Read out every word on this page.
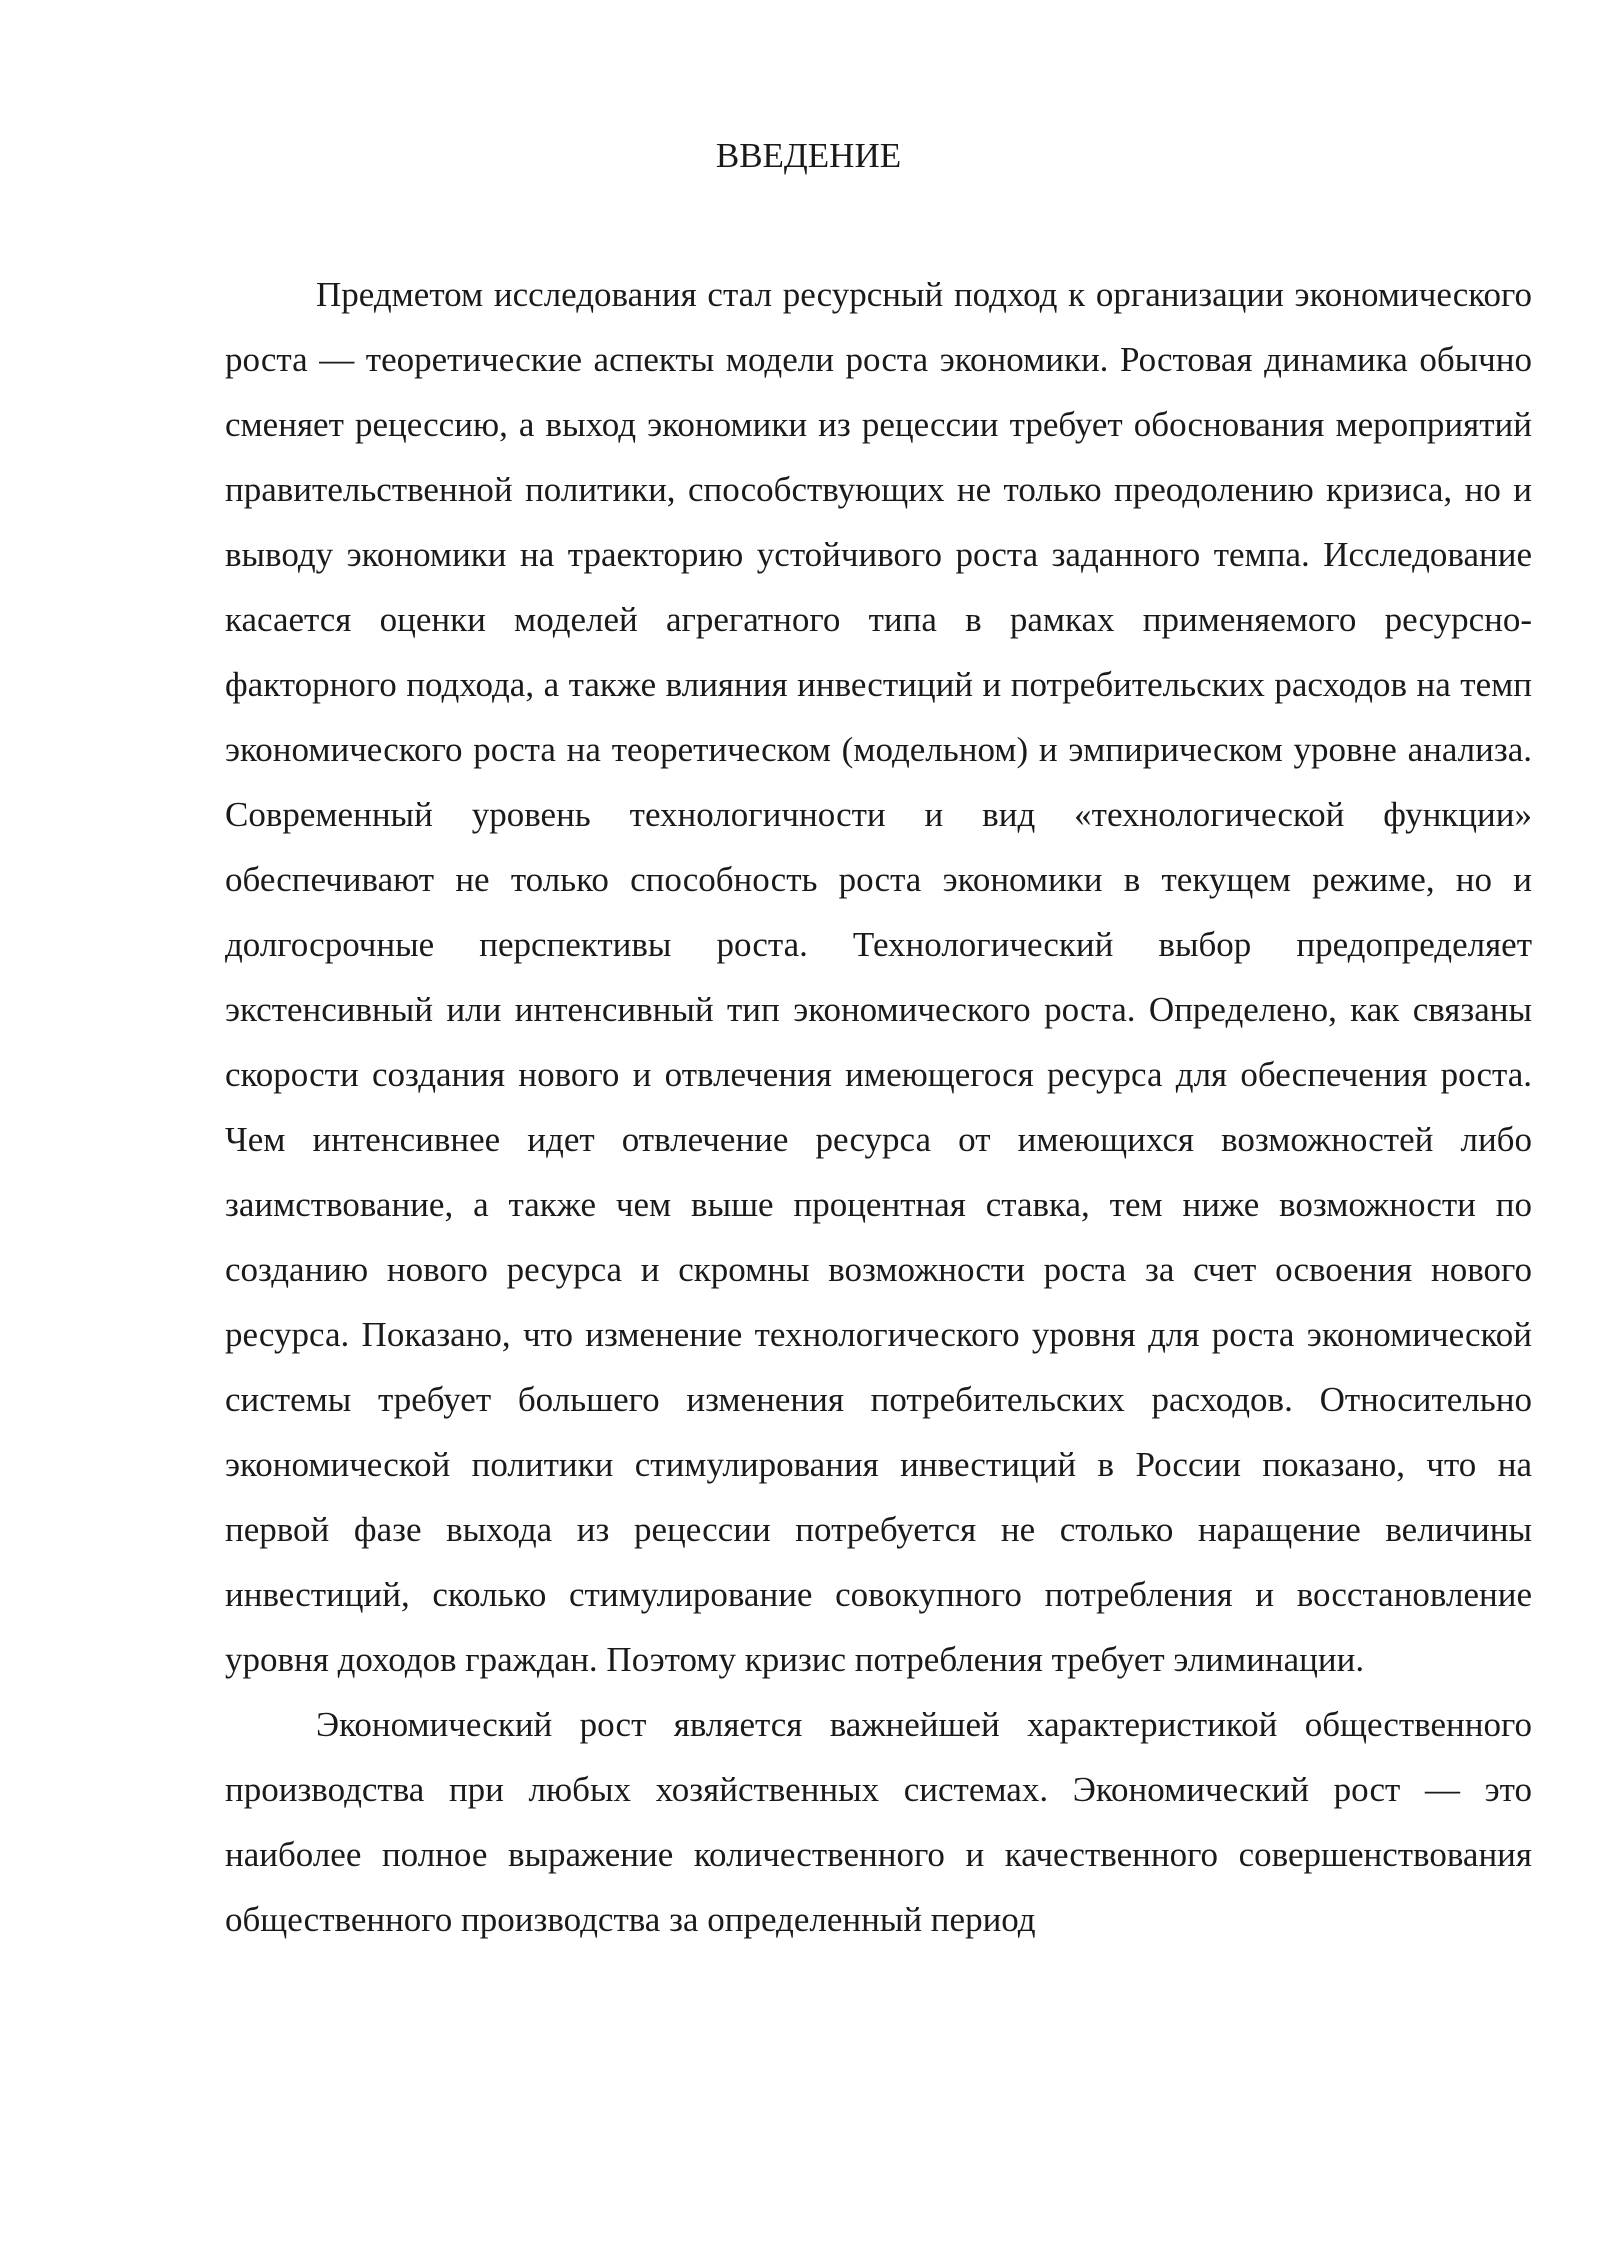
ВВЕДЕНИЕ

Предметом исследования стал ресурсный подход к организации экономического роста — теоретические аспекты модели роста экономики. Ростовая динамика обычно сменяет рецессию, а выход экономики из рецессии требует обоснования мероприятий правительственной политики, способствующих не только преодолению кризиса, но и выводу экономики на траекторию устойчивого роста заданного темпа. Исследование касается оценки моделей агрегатного типа в рамках применяемого ресурсно-факторного подхода, а также влияния инвестиций и потребительских расходов на темп экономического роста на теоретическом (модельном) и эмпирическом уровне анализа. Современный уровень технологичности и вид «технологической функции» обеспечивают не только способность роста экономики в текущем режиме, но и долгосрочные перспективы роста. Технологический выбор предопределяет экстенсивный или интенсивный тип экономического роста. Определено, как связаны скорости создания нового и отвлечения имеющегося ресурса для обеспечения роста. Чем интенсивнее идет отвлечение ресурса от имеющихся возможностей либо заимствование, а также чем выше процентная ставка, тем ниже возможности по созданию нового ресурса и скромны возможности роста за счет освоения нового ресурса. Показано, что изменение технологического уровня для роста экономической системы требует большего изменения потребительских расходов. Относительно экономической политики стимулирования инвестиций в России показано, что на первой фазе выхода из рецессии потребуется не столько наращение величины инвестиций, сколько стимулирование совокупного потребления и восстановление уровня доходов граждан. Поэтому кризис потребления требует элиминации.

Экономический рост является важнейшей характеристикой общественного производства при любых хозяйственных системах. Экономический рост — это наиболее полное выражение количественного и качественного совершенствования общественного производства за определенный период
